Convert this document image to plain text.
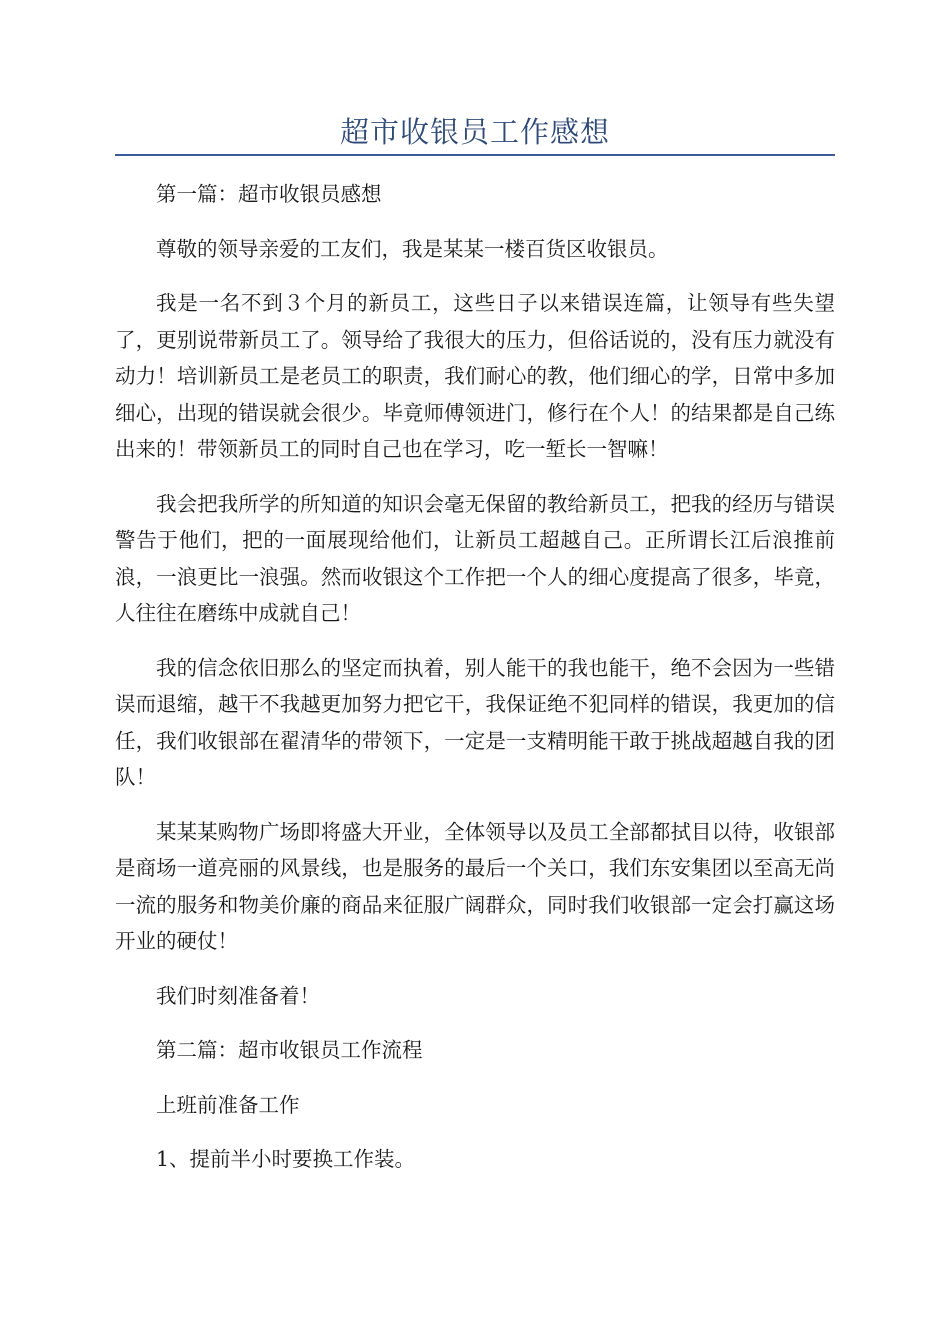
超市收银员工作感想

第一篇：超市收银员感想

尊敬的领导亲爱的工友们，我是某某一楼百货区收银员。

我是一名不到３个月的新员工，这些日子以来错误连篇，让领导有些失望了，更别说带新员工了。领导给了我很大的压力，但俗话说的，没有压力就没有动力！培训新员工是老员工的职责，我们耐心的教，他们细心的学，日常中多加细心，出现的错误就会很少。毕竟师傅领进门，修行在个人！的结果都是自己练出来的！带领新员工的同时自己也在学习，吃一堑长一智嘛！

我会把我所学的所知道的知识会毫无保留的教给新员工，把我的经历与错误警告于他们，把的一面展现给他们，让新员工超越自己。正所谓长江后浪推前浪，一浪更比一浪强。然而收银这个工作把一个人的细心度提高了很多，毕竟，人往往在磨练中成就自己！

我的信念依旧那么的坚定而执着，别人能干的我也能干，绝不会因为一些错误而退缩，越干不我越更加努力把它干，我保证绝不犯同样的错误，我更加的信任，我们收银部在翟清华的带领下，一定是一支精明能干敢于挑战超越自我的团队！

某某某购物广场即将盛大开业，全体领导以及员工全部都拭目以待，收银部是商场一道亮丽的风景线，也是服务的最后一个关口，我们东安集团以至高无尚一流的服务和物美价廉的商品来征服广阔群众，同时我们收银部一定会打赢这场开业的硬仗！

我们时刻准备着！

第二篇：超市收银员工作流程

上班前准备工作

1、提前半小时要换工作装。
